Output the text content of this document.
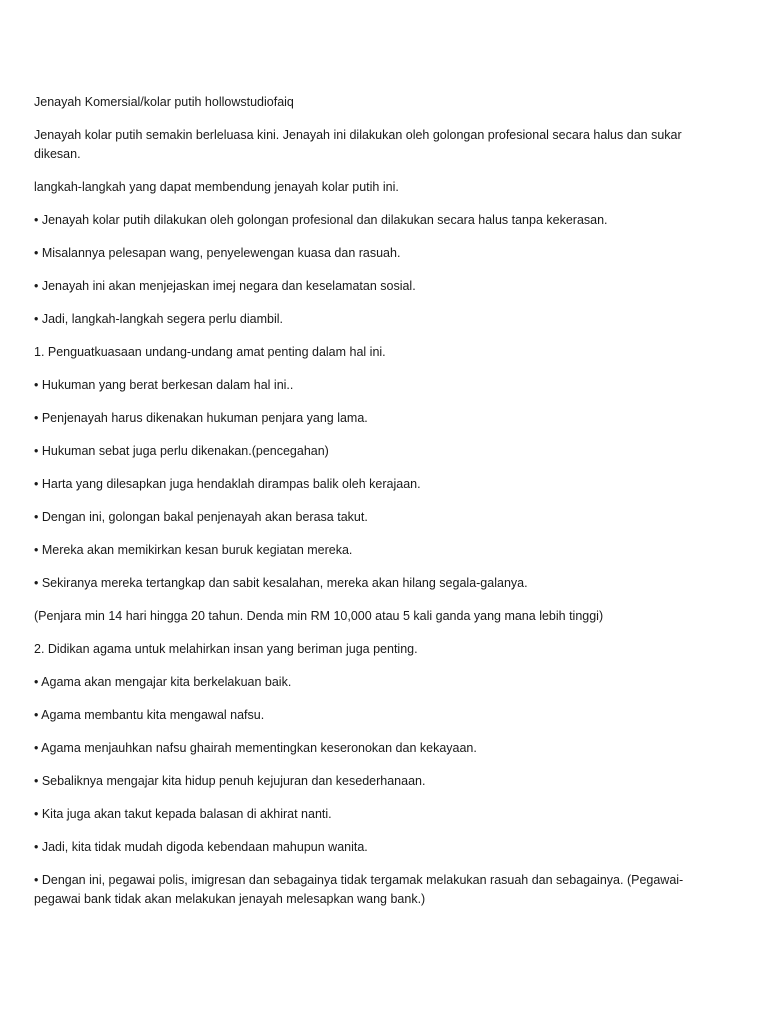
Jenayah Komersial/kolar putih hollowstudiofaiq
Jenayah kolar putih semakin berleluasa kini. Jenayah ini dilakukan oleh golongan profesional secara halus dan sukar dikesan.
langkah-langkah yang dapat membendung jenayah kolar putih ini.
• Jenayah kolar putih dilakukan oleh golongan profesional dan dilakukan secara halus tanpa kekerasan.
• Misalannya pelesapan wang, penyelewengan kuasa dan rasuah.
• Jenayah ini akan menjejaskan imej negara dan keselamatan sosial.
• Jadi, langkah-langkah segera perlu diambil.
1. Penguatkuasaan undang-undang amat penting dalam hal ini.
• Hukuman yang berat berkesan dalam hal ini..
• Penjenayah harus dikenakan hukuman penjara yang lama.
• Hukuman sebat juga perlu dikenakan.(pencegahan)
• Harta yang dilesapkan juga hendaklah dirampas balik oleh kerajaan.
• Dengan ini, golongan bakal penjenayah akan berasa takut.
• Mereka akan memikirkan kesan buruk kegiatan mereka.
• Sekiranya mereka tertangkap dan sabit kesalahan, mereka akan hilang segala-galanya.
(Penjara min 14 hari hingga 20 tahun. Denda min RM 10,000 atau 5 kali ganda yang mana lebih tinggi)
2. Didikan agama untuk melahirkan insan yang beriman juga penting.
• Agama akan mengajar kita berkelakuan baik.
• Agama membantu kita mengawal nafsu.
• Agama menjauhkan nafsu ghairah mementingkan keseronokan dan kekayaan.
• Sebaliknya mengajar kita hidup penuh kejujuran dan kesederhanaan.
• Kita juga akan takut kepada balasan di akhirat nanti.
• Jadi, kita tidak mudah digoda kebendaan mahupun wanita.
• Dengan ini, pegawai polis, imigresan dan sebagainya tidak tergamak melakukan rasuah dan sebagainya. (Pegawai-pegawai bank tidak akan melakukan jenayah melesapkan wang bank.)
